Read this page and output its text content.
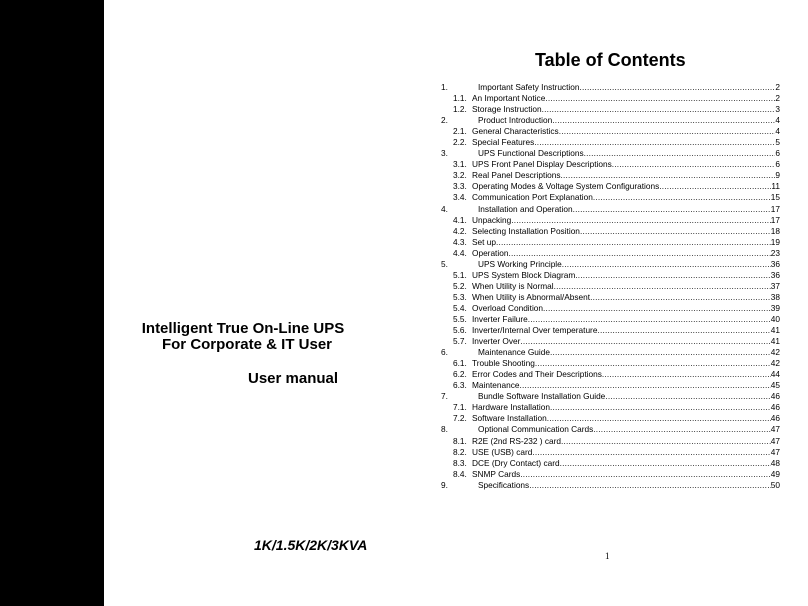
Intelligent True On-Line UPS
For Corporate & IT User
User manual
1K/1.5K/2K/3KVA
Table of Contents
1.	Important Safety Instruction .....	2
1.1. An Important Notice .....	2
1.2. Storage Instruction .....	3
2.	Product Introduction .....	4
2.1. General Characteristics .....	4
2.2. Special Features .....	5
3.	UPS Functional Descriptions .....	6
3.1. UPS Front Panel Display Descriptions .....	6
3.2. Real Panel Descriptions .....	9
3.3. Operating Modes & Voltage System Configurations .....	11
3.4. Communication Port Explanation .....	15
4.	Installation and Operation .....	17
4.1. Unpacking .....	17
4.2. Selecting Installation Position .....	18
4.3. Set up .....	19
4.4. Operation .....	23
5.	UPS Working Principle .....	36
5.1. UPS System Block Diagram .....	36
5.2. When Utility is Normal .....	37
5.3. When Utility is Abnormal/Absent .....	38
5.4. Overload Condition .....	39
5.5. Inverter Failure .....	40
5.6. Inverter/Internal Over temperature .....	41
5.7. Inverter Over .....	41
6.	Maintenance Guide .....	42
6.1. Trouble Shooting .....	42
6.2. Error Codes and Their Descriptions .....	44
6.3. Maintenance .....	45
7.	Bundle Software Installation Guide .....	46
7.1. Hardware Installation .....	46
7.2. Software Installation .....	46
8.	Optional Communication Cards .....	47
8.1. R2E (2nd RS-232 ) card .....	47
8.2. USE (USB) card .....	47
8.3. DCE (Dry Contact) card .....	48
8.4. SNMP Cards .....	49
9.	Specifications .....	50
1
